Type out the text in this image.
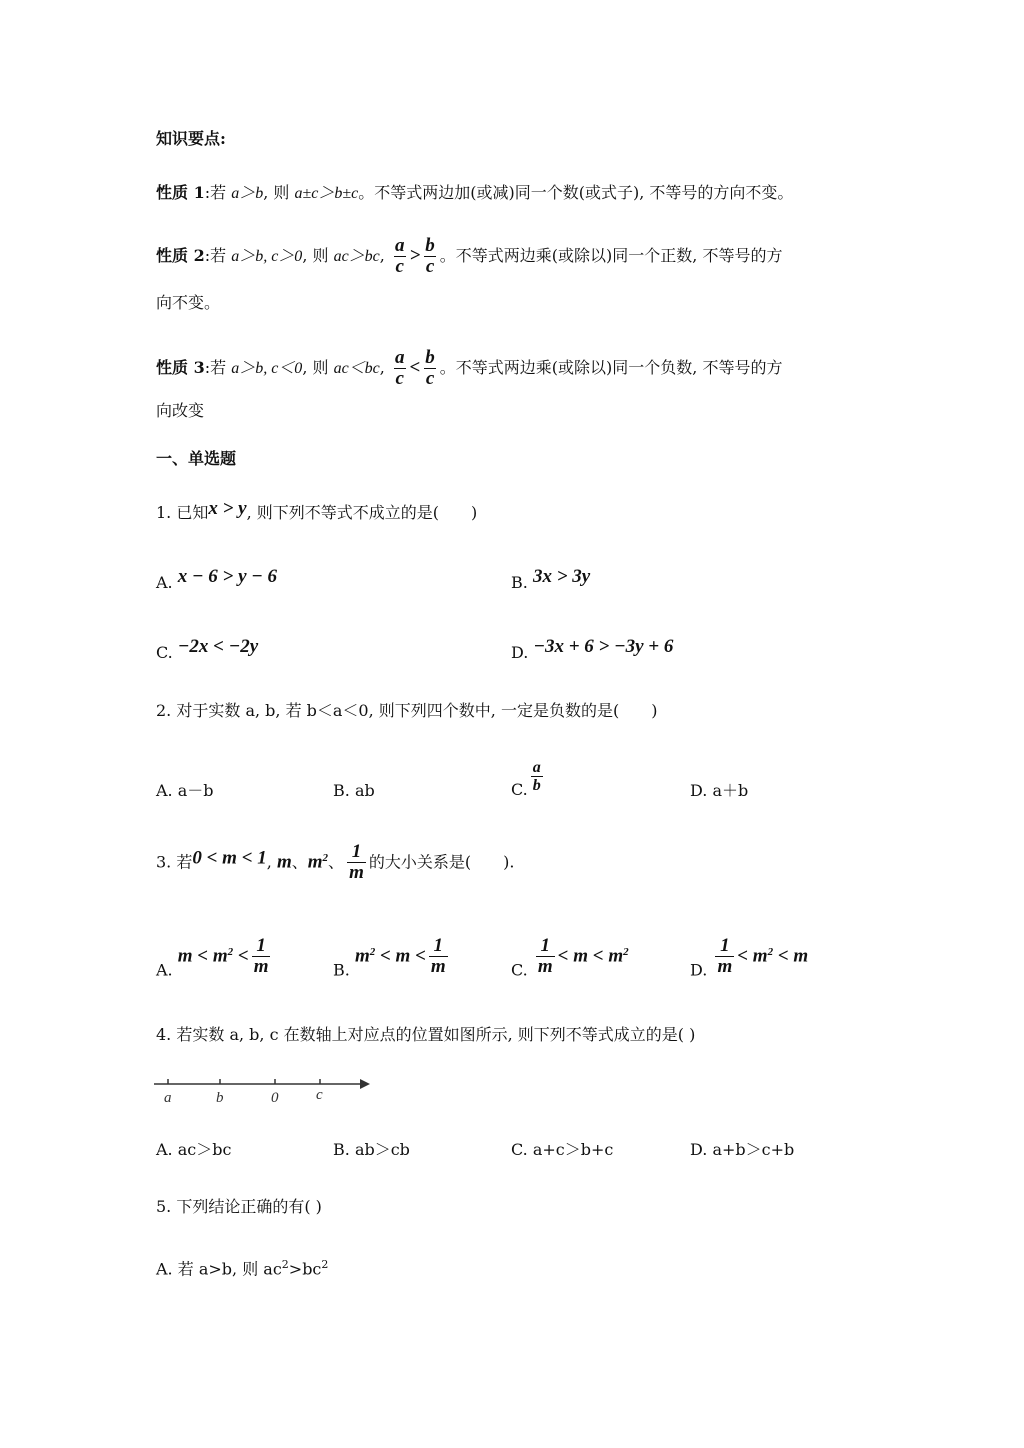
知识要点:
性质 1:若 a＞b, 则 a±c＞b±c。不等式两边加(或减)同一个数(或式子), 不等号的方向不变。
性质 2:若 a＞b, c＞0, 则 ac＞bc, $\frac{a}{c} > \frac{b}{c}$ 。不等式两边乘(或除以)同一个正数, 不等号的方
向不变。
性质 3:若 a＞b, c＜0, 则 ac＜bc, $\frac{a}{c} < \frac{b}{c}$ 。不等式两边乘(或除以)同一个负数, 不等号的方
向改变
一、单选题
1. 已知x > y, 则下列不等式不成立的是(　　)
A. x − 6 > y − 6	B. 3x > 3y
C. −2x < −2y	D. −3x + 6 > −3y + 6
2. 对于实数 a, b, 若 b＜a＜0, 则下列四个数中, 一定是负数的是(　　)
A. a－b	B. ab	C. $\frac{a}{b}$	D. a＋b
3. 若0 < m < 1, m、$m^2$、 $\frac{1}{m}$ 的大小关系是(　　).
A. $m < m^2 < \frac{1}{m}$	B. $m^2 < m < \frac{1}{m}$	C. $\frac{1}{m} < m < m^2$
D. $\frac{1}{m} < m^2 < m$
4. 若实数 a, b, c 在数轴上对应点的位置如图所示, 则下列不等式成立的是( )
a	b	0	c
A. ac＞bc	B. ab＞cb	C. a+c＞b+c	D. a+b＞c+b
5. 下列结论正确的有( )
A. 若 a>b, 则 $ac^2>bc^2$
